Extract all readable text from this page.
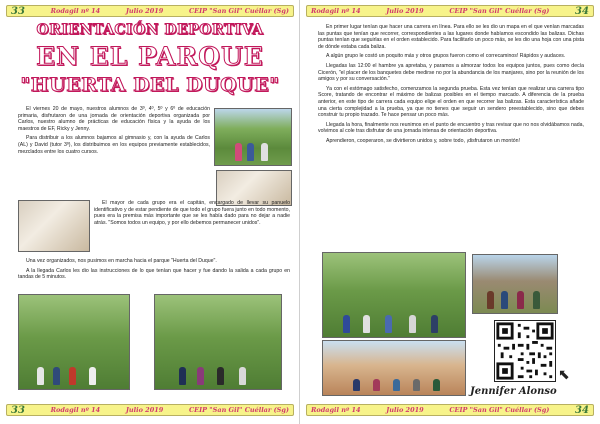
33	Rodagil nº 14	Julio 2019	CEIP "San Gil" Cuéllar (Sg)
ORIENTACIÓN DEPORTIVA
EN EL PARQUE
"HUERTA DEL DUQUE"

El viernes 20 de mayo, nuestros alumnos de 3º, 4º, 5º y 6º de educación primaria, disfrutaron de una jornada de orientación deportiva organizada por Carlos, nuestro alumno de prácticas de educación física y la ayuda de los maestros de EF, Ricky y Jenny.

Para distribuir a los alumnos bajamos al gimnasio y, con la ayuda de Carlos (AL) y David (tutor 3º), los distribuimos en los equipos previamente establecidos, mezclados entre los cuatro cursos.

El mayor de cada grupo era el capitán, encargado de llevar su panuelo identificativo y de estar pendiente de que todo el grupo fuera junto en todo momento, pues era la premisa más importante que se les había dado para no dejar a nadie atrás. "Somos todos un equipo, y por ello debemos permanecer unidos".

Una vez organizados, nos pusimos en marcha hacia el parque "Huerta del Duque".

A la llegada Carlos les dio las instrucciones de lo que tenían que hacer y fue dando la salida a cada grupo en tandas de 5 minutos.

33	Rodagil nº 14	Julio 2019	CEIP "San Gil" Cuéllar (Sg)
Rodagil nº 14	Julio 2019	CEIP "San Gil" Cuéllar (Sg)	34

En primer lugar tenían que hacer una carrera en línea. Para ello se les dio un mapa en el que venían marcadas las puntas que tenían que recorrer, correspondientes a las lugares donde habíamos escondido las balizas. Dichas puntas tenían que seguirlas en el orden establecido. Para facilitarlo un poco más, se les dio una hoja con una pista de dónde estaba cada baliza.

A algún grupo le costó un poquito más y otros grupos fueron como el correcaminos! Rápidos y audaces.

Llegadas las 12:00 el hambre ya apretaba, y paramos a almorzar todos los equipos juntos, pues como decía Cicerón, "el placer de los banquetes debe medirse no por la abundancia de los manjares, sino por la reunión de los amigos y por su conversación."

Ya con el estómago satisfecho, comenzamos la segunda prueba. Esta vez tenían que realizar una carrera tipo Score, tratando de encontrar el máximo de balizas posibles en el tiempo marcado. A diferencia de la prueba anterior, en este tipo de carrera cada equipo elige el orden en que recorrer las balizas. Esta característica añade una cierta complejidad a la prueba, ya que no tienes que seguir un sendero preestablecido, sino que debes construir tu propio trazado. Te hace pensar un poco más.

Llegada la hora, finalmente nos reunimos en el punto de encuentro y tras revisar que no nos olvidábamos nada, volvimos al cole tras disfrutar de una jornada intensa de orientación deportiva.

Aprendieron, cooperaron, se divirtieron unidos y, sobre todo, ¡disfrutaron un montón!

Rodagil nº 14	Julio 2019	CEIP "San Gil" Cuéllar (Sg)	34
Jennifer Alonso
⬉
